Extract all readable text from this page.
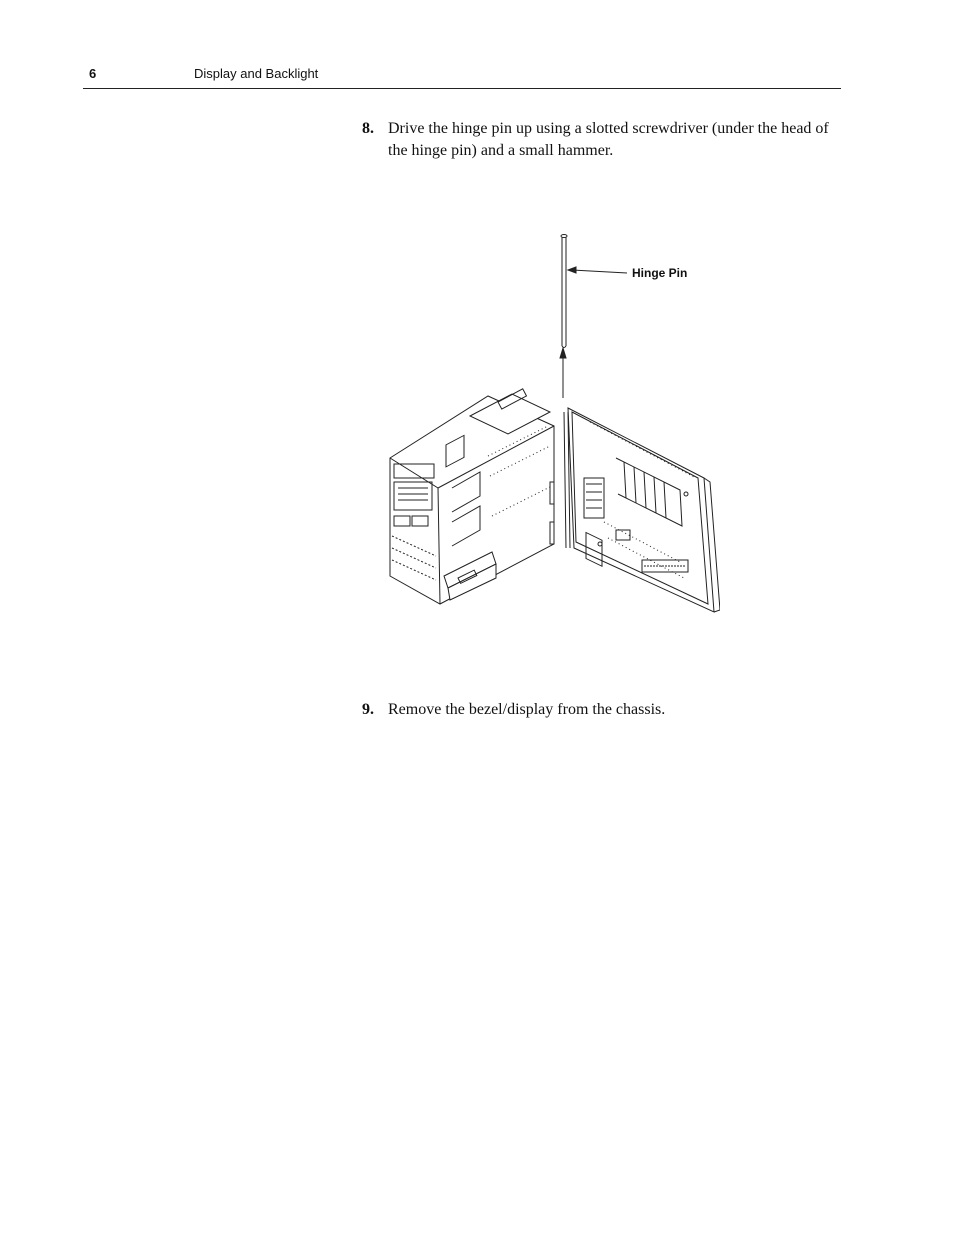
6	Display and Backlight
8. Drive the hinge pin up using a slotted screwdriver (under the head of the hinge pin) and a small hammer.
Hinge Pin
9. Remove the bezel/display from the chassis.
